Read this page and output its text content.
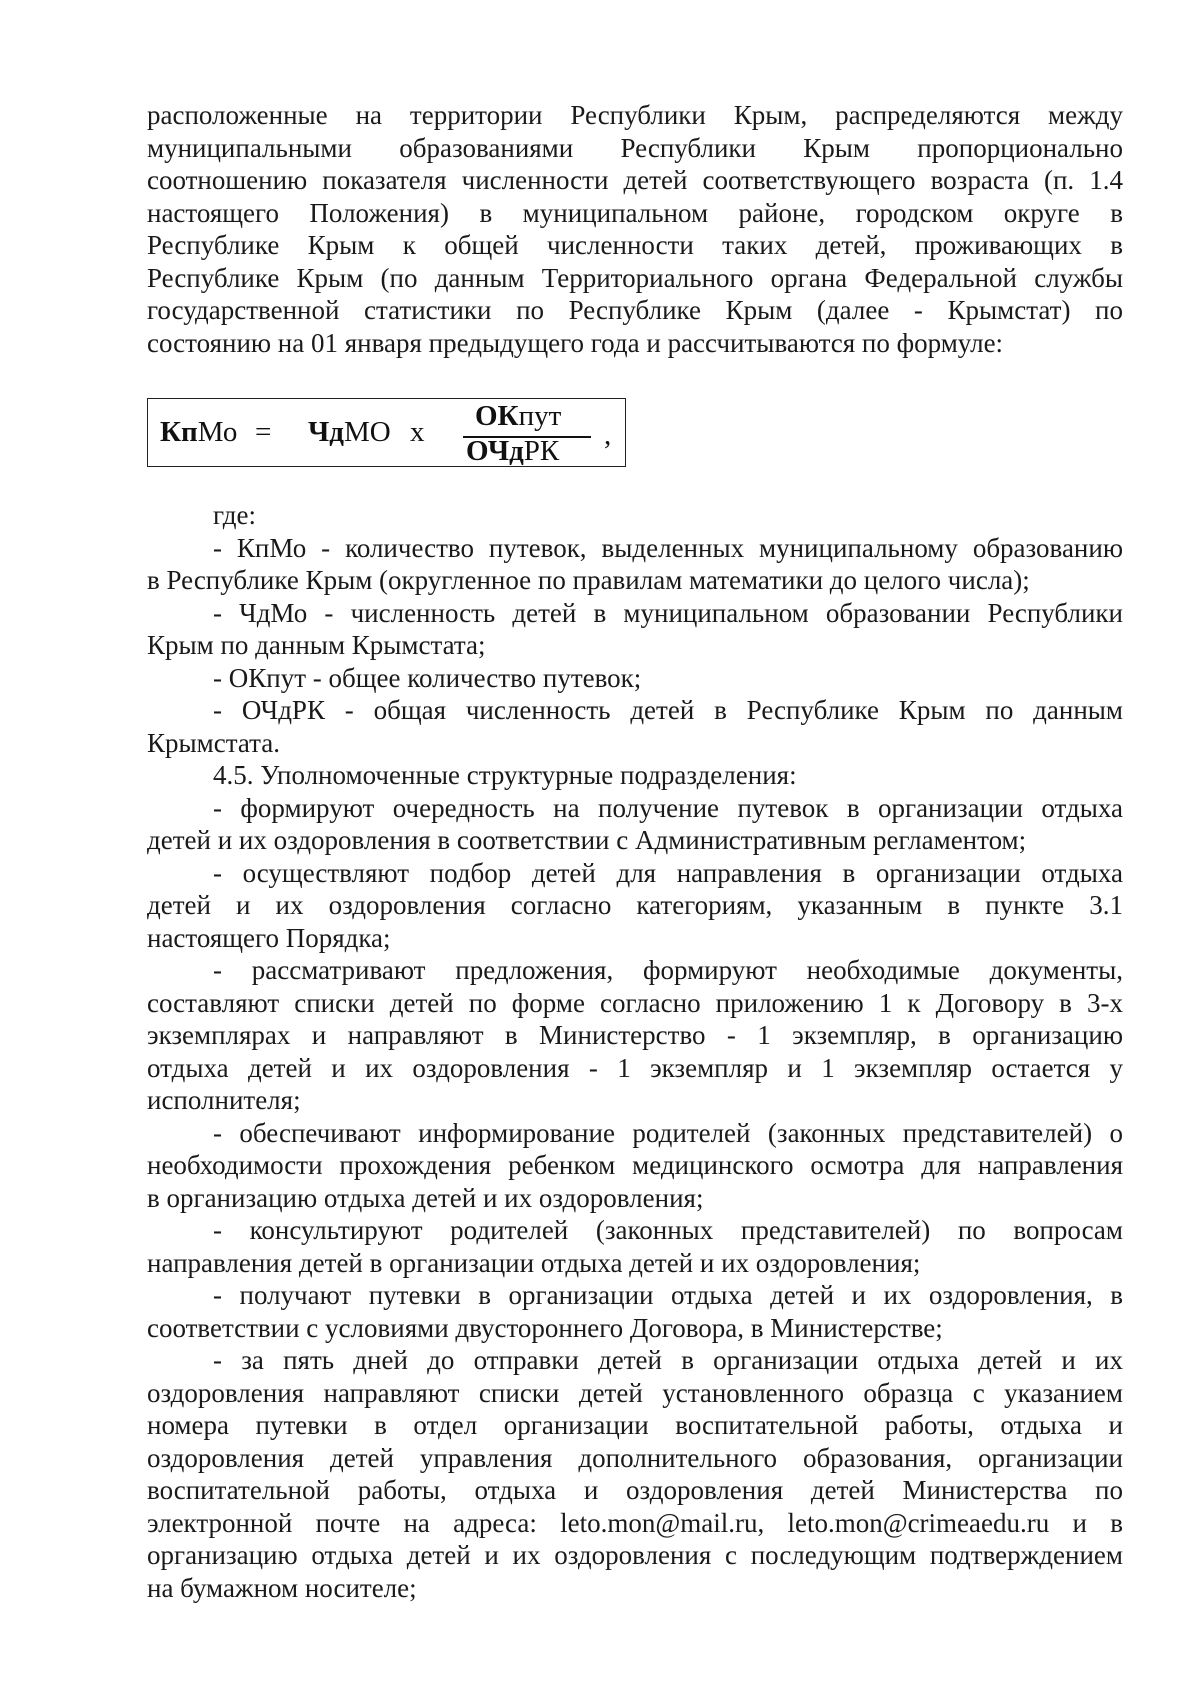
расположенные на территории Республики Крым, распределяются между
муниципальными образованиями Республики Крым пропорционально
соотношению показателя численности детей соответствующего возраста (п. 1.4
настоящего Положения) в муниципальном районе, городском округе в
Республике Крым к общей численности таких детей, проживающих в
Республике Крым (по данным Территориального органа Федеральной службы
государственной статистики по Республике Крым (далее - Крымстат) по
состоянию на 01 января предыдущего года и рассчитываются по формуле:
КпМо = ЧдМО х ОКпут
ОЧдРК ,
где:
- КпМо - количество путевок, выделенных муниципальному образованию
в Республике Крым (округленное по правилам математики до целого числа);
- ЧдМо - численность детей в муниципальном образовании Республики
Крым по данным Крымстата;
- ОКпут - общее количество путевок;
- ОЧдРК - общая численность детей в Республике Крым по данным
Крымстата.
4.5. Уполномоченные структурные подразделения:
- формируют очередность на получение путевок в организации отдыха
детей и их оздоровления в соответствии с Административным регламентом;
- осуществляют подбор детей для направления в организации отдыха
детей и их оздоровления согласно категориям, указанным в пункте 3.1
настоящего Порядка;
- рассматривают предложения, формируют необходимые документы,
составляют списки детей по форме согласно приложению 1 к Договору в 3-х
экземплярах и направляют в Министерство - 1 экземпляр, в организацию
отдыха детей и их оздоровления - 1 экземпляр и 1 экземпляр остается у
исполнителя;
- обеспечивают информирование родителей (законных представителей) о
необходимости прохождения ребенком медицинского осмотра для направления
в организацию отдыха детей и их оздоровления;
- консультируют родителей (законных представителей) по вопросам
направления детей в организации отдыха детей и их оздоровления;
- получают путевки в организации отдыха детей и их оздоровления, в
соответствии с условиями двустороннего Договора, в Министерстве;
- за пять дней до отправки детей в организации отдыха детей и их
оздоровления направляют списки детей установленного образца с указанием
номера путевки в отдел организации воспитательной работы, отдыха и
оздоровления детей управления дополнительного образования, организации
воспитательной работы, отдыха и оздоровления детей Министерства по
электронной почте на адреса: leto.mon@mail.ru, leto.mon@crimeaedu.ru и в
организацию отдыха детей и их оздоровления с последующим подтверждением
на бумажном носителе;
